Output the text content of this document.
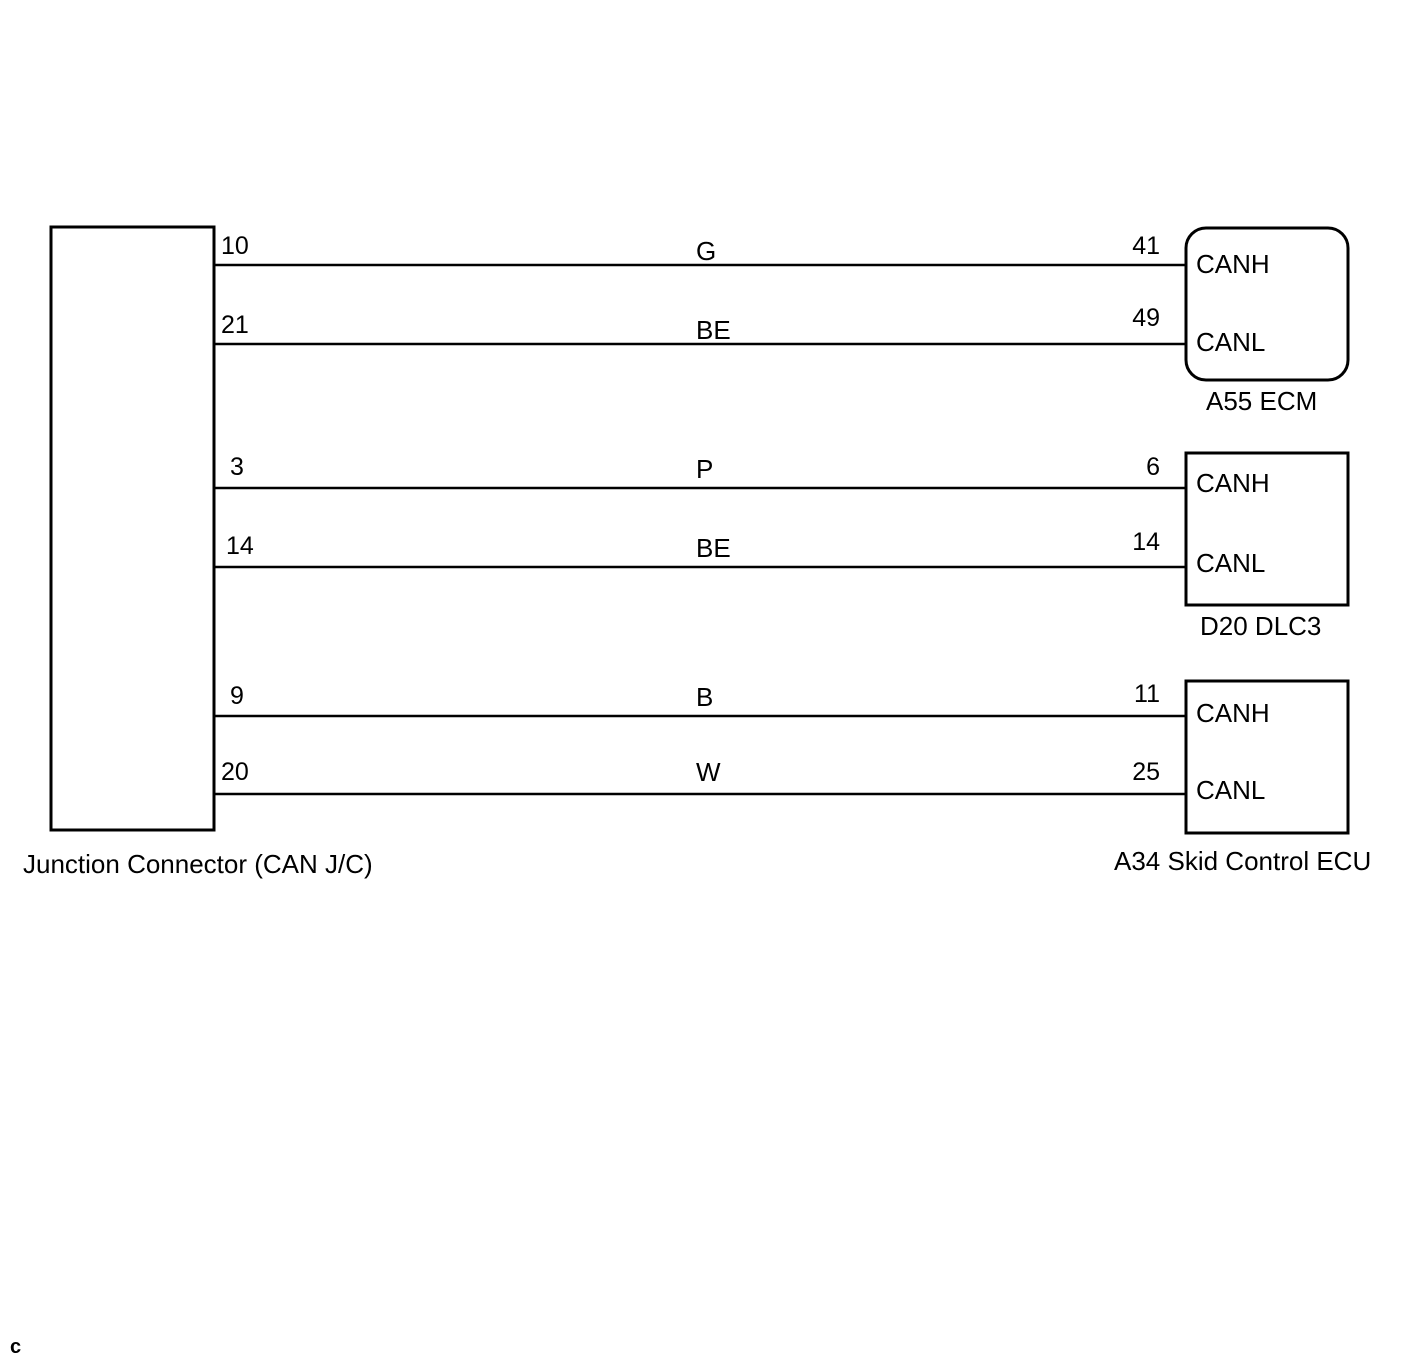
10	G	41
CANH
21	BE	49
CANL
A55 ECM
3	P	6
CANH
14	BE	14
CANL
D20 DLC3
9	B	11
CANH
20	W	25
CANL
Junction Connector (CAN J/C)	A34 Skid Control ECU
c
